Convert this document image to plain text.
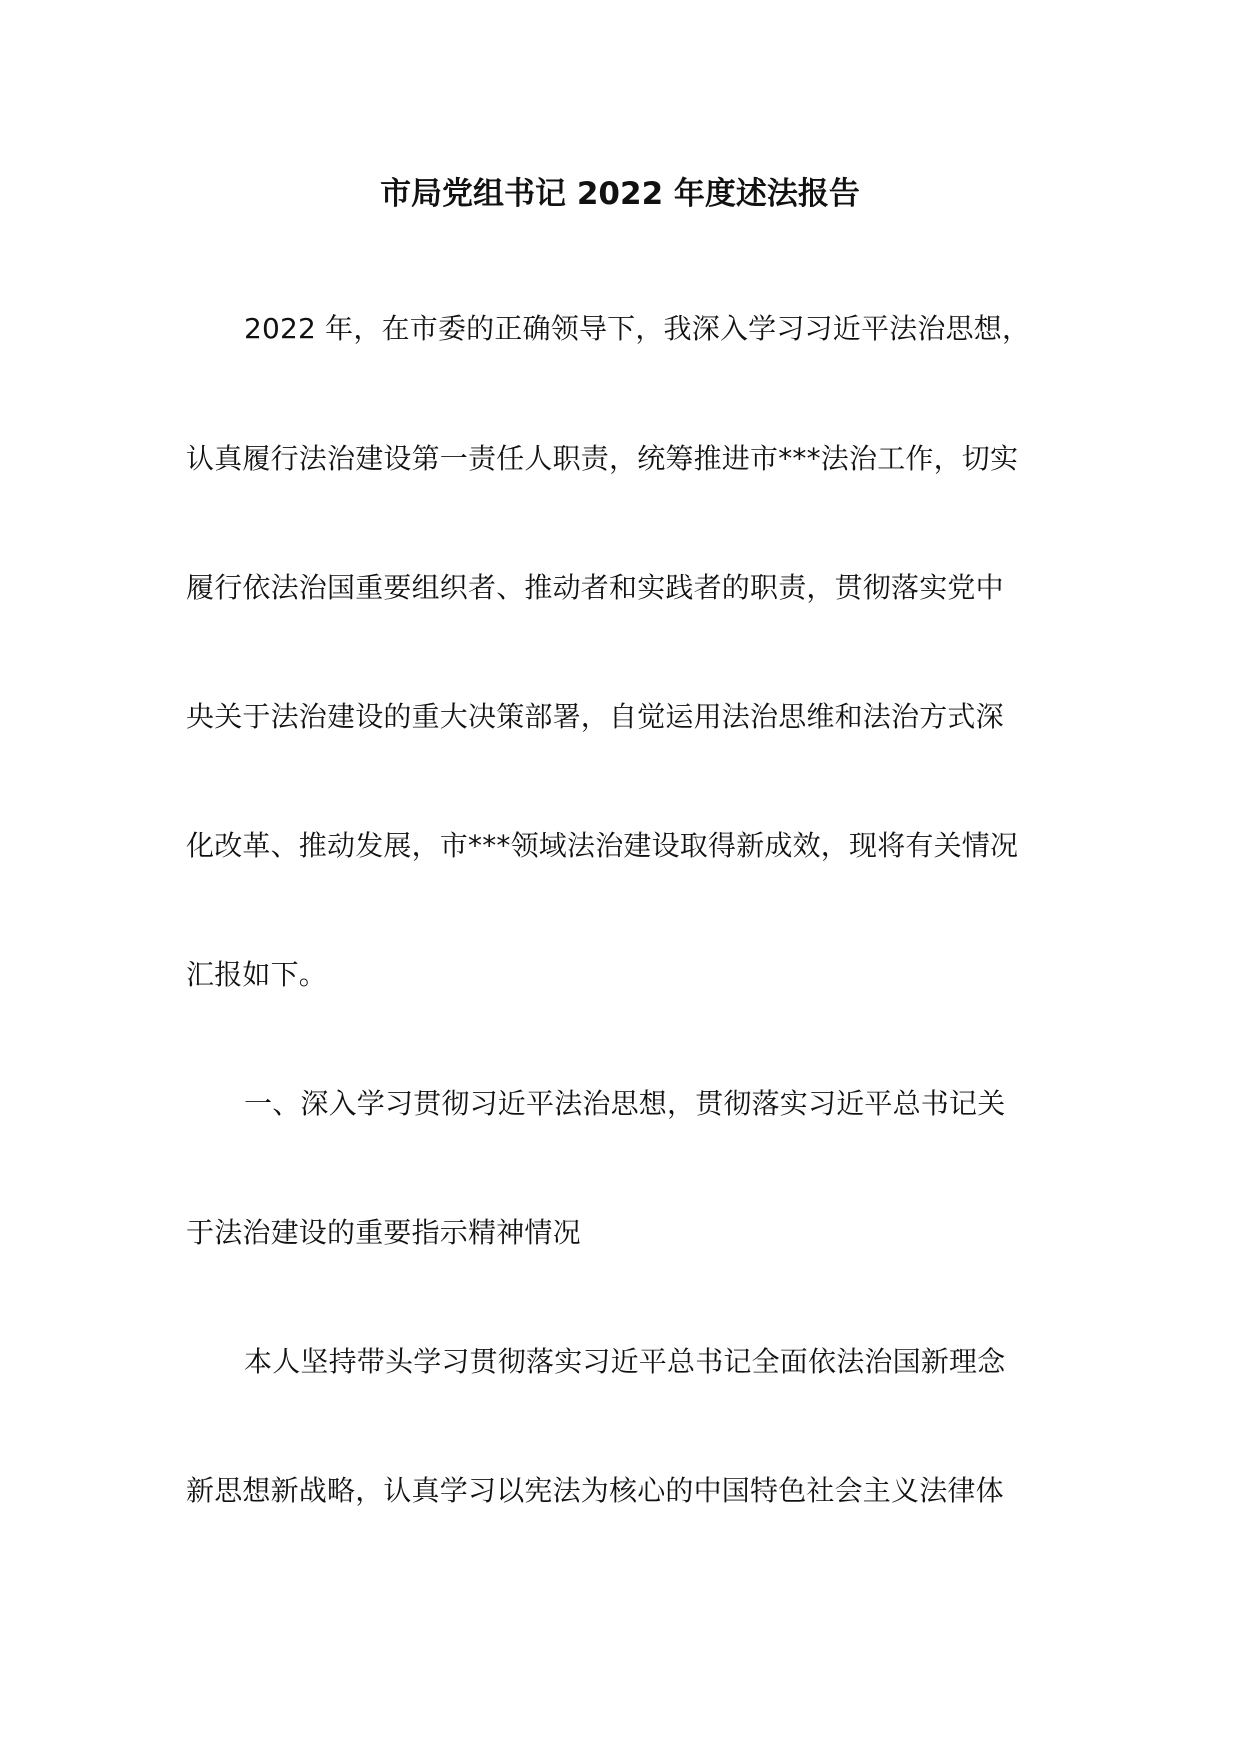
市局党组书记 2022 年度述法报告
2022 年，在市委的正确领导下，我深入学习习近平法治思想，
认真履行法治建设第一责任人职责，统筹推进市***法治工作，切实
履行依法治国重要组织者、推动者和实践者的职责，贯彻落实党中
央关于法治建设的重大决策部署，自觉运用法治思维和法治方式深
化改革、推动发展，市***领域法治建设取得新成效，现将有关情况
汇报如下。
一、深入学习贯彻习近平法治思想，贯彻落实习近平总书记关
于法治建设的重要指示精神情况
本人坚持带头学习贯彻落实习近平总书记全面依法治国新理念
新思想新战略，认真学习以宪法为核心的中国特色社会主义法律体
